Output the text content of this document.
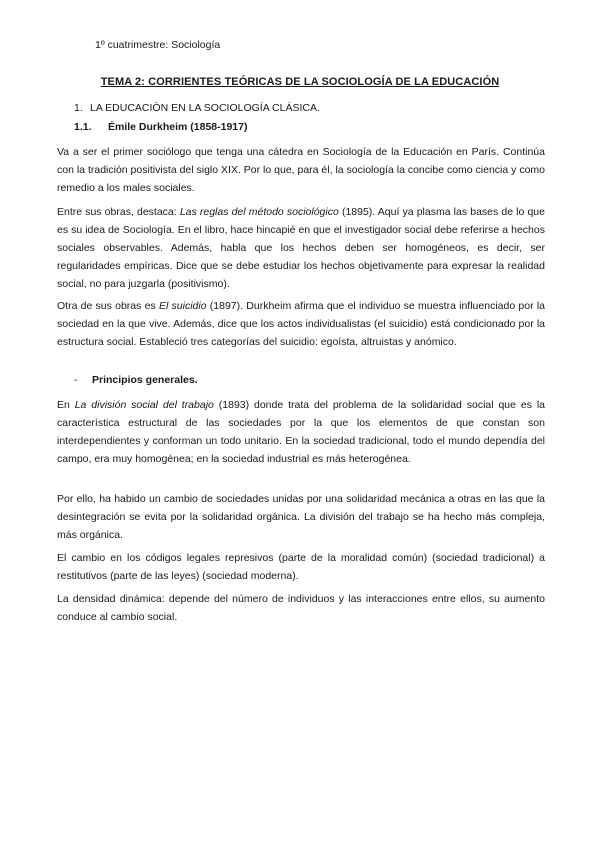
1º cuatrimestre: Sociología
TEMA 2: CORRIENTES TEÓRICAS DE LA SOCIOLOGÍA DE LA EDUCACIÓN
1. LA EDUCACIÓN EN LA SOCIOLOGÍA CLÁSICA.
1.1. Émile Durkheim (1858-1917)

Va a ser el primer sociólogo que tenga una cátedra en Sociología de la Educación en París. Continúa con la tradición positivista del siglo XIX. Por lo que, para él, la sociología la concibe como ciencia y como remedio a los males sociales.

Entre sus obras, destaca: Las reglas del método sociológico (1895). Aquí ya plasma las bases de lo que es su idea de Sociología. En el libro, hace hincapié en que el investigador social debe referirse a hechos sociales observables. Además, habla que los hechos deben ser homogéneos, es decir, ser regularidades empíricas. Dice que se debe estudiar los hechos objetivamente para expresar la realidad social, no para juzgarla (positivismo).

Otra de sus obras es El suicidio (1897). Durkheim afirma que el individuo se muestra influenciado por la sociedad en la que vive. Además, dice que los actos individualistas (el suicidio) está condicionado por la estructura social. Estableció tres categorías del suicidio: egoísta, altruistas y anómico.

- Principios generales.

En La división social del trabajo (1893) donde trata del problema de la solidaridad social que es la característica estructural de las sociedades por la que los elementos de que constan son interdependientes y conforman un todo unitario. En la sociedad tradicional, todo el mundo dependía del campo, era muy homogénea; en la sociedad industrial es más heterogénea.

Por ello, ha habido un cambio de sociedades unidas por una solidaridad mecánica a otras en las que la desintegración se evita por la solidaridad orgánica. La división del trabajo se ha hecho más compleja, más orgánica.

El cambio en los códigos legales represivos (parte de la moralidad común) (sociedad tradicional) a restitutivos (parte de las leyes) (sociedad moderna).

La densidad dinámica: depende del número de individuos y las interacciones entre ellos, su aumento conduce al cambio social.
